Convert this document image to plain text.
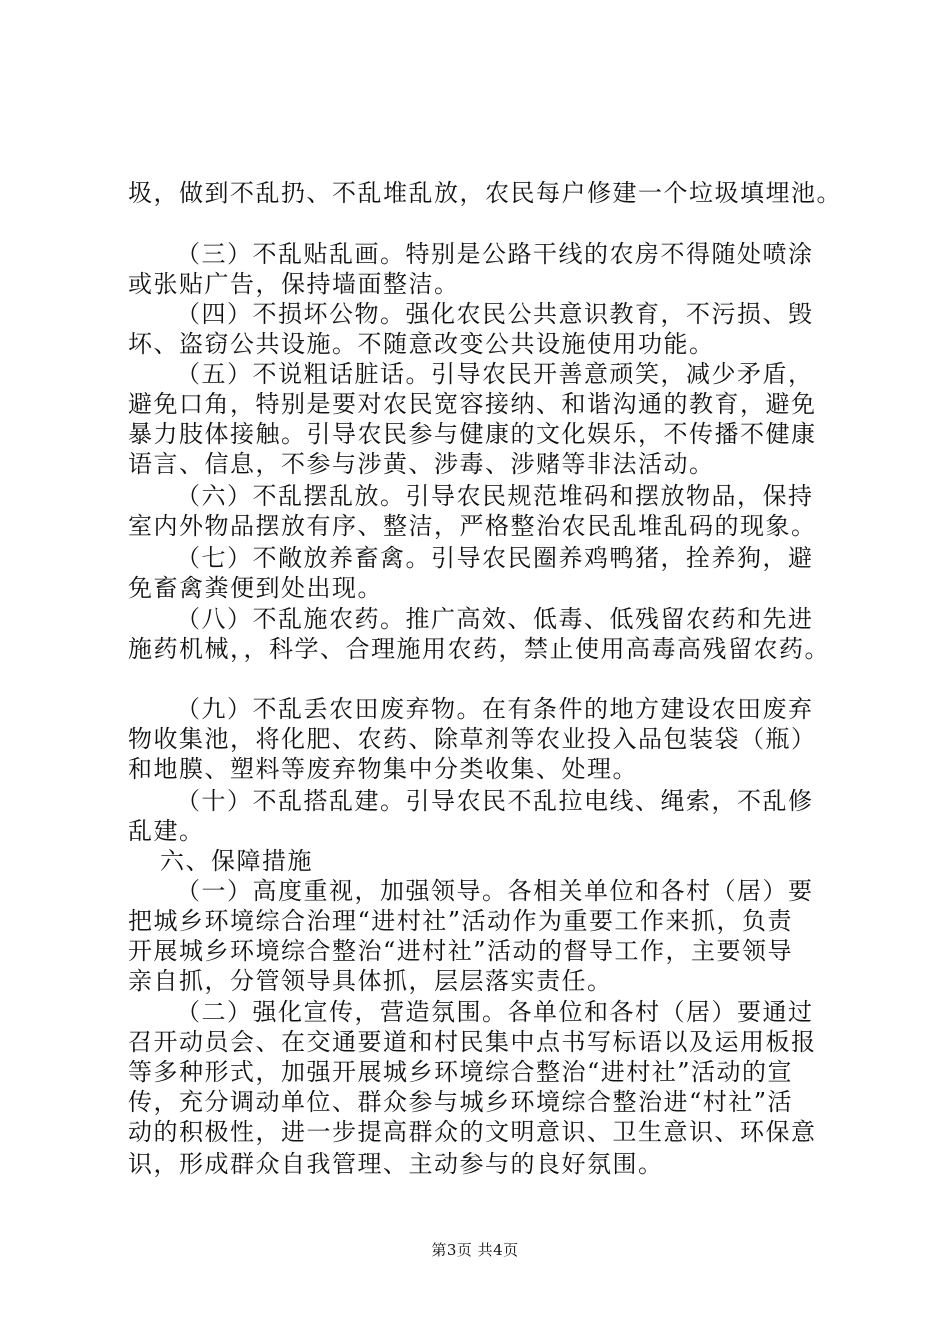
圾，做到不乱扔、不乱堆乱放，农民每户修建一个垃圾填埋池。
（三）不乱贴乱画。特别是公路干线的农房不得随处喷涂
或张贴广告，保持墙面整洁。
（四）不损坏公物。强化农民公共意识教育，不污损、毁
坏、盗窃公共设施。不随意改变公共设施使用功能。
（五）不说粗话脏话。引导农民开善意顽笑，减少矛盾，
避免口角，特别是要对农民宽容接纳、和谐沟通的教育，避免
暴力肢体接触。引导农民参与健康的文化娱乐，不传播不健康
语言、信息，不参与涉黄、涉毒、涉赌等非法活动。
（六）不乱摆乱放。引导农民规范堆码和摆放物品，保持
室内外物品摆放有序、整洁，严格整治农民乱堆乱码的现象。
（七）不敞放养畜禽。引导农民圈养鸡鸭猪，拴养狗，避
免畜禽粪便到处出现。
（八）不乱施农药。推广高效、低毒、低残留农药和先进
施药机械，，科学、合理施用农药，禁止使用高毒高残留农药。
（九）不乱丢农田废弃物。在有条件的地方建设农田废弃
物收集池，将化肥、农药、除草剂等农业投入品包装袋（瓶）
和地膜、塑料等废弃物集中分类收集、处理。
（十）不乱搭乱建。引导农民不乱拉电线、绳索，不乱修
乱建。
六、保障措施
（一）高度重视，加强领导。各相关单位和各村（居）要
把城乡环境综合治理“进村社”活动作为重要工作来抓，负责
开展城乡环境综合整治“进村社”活动的督导工作，主要领导
亲自抓，分管领导具体抓，层层落实责任。
（二）强化宣传，营造氛围。各单位和各村（居）要通过
召开动员会、在交通要道和村民集中点书写标语以及运用板报
等多种形式，加强开展城乡环境综合整治“进村社”活动的宣
传，充分调动单位、群众参与城乡环境综合整治进“村社”活
动的积极性，进一步提高群众的文明意识、卫生意识、环保意
识，形成群众自我管理、主动参与的良好氛围。
第3页 共4页
